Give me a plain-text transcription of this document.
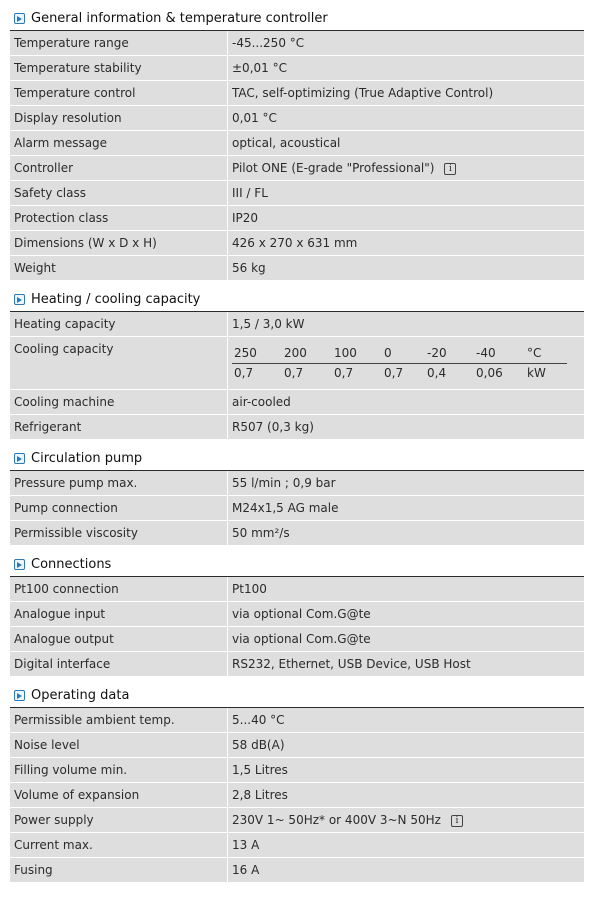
General information & temperature controller
Temperature range	-45...250 °C
Temperature stability	±0,01 °C
Temperature control	TAC, self-optimizing (True Adaptive Control)
Display resolution	0,01 °C
Alarm message	optical, acoustical
Controller	Pilot ONE (E-grade "Professional") i
Safety class	III / FL
Protection class	IP20
Dimensions (W x D x H)	426 x 270 x 631 mm
Weight	56 kg
Heating / cooling capacity
Heating capacity	1,5 / 3,0 kW
Cooling capacity	250	200	100	0	-20	-40	°C
0,7	0,7	0,7	0,7	0,4	0,06	kW
Cooling machine	air-cooled
Refrigerant	R507 (0,3 kg)
Circulation pump
Pressure pump max.	55 l/min ; 0,9 bar
Pump connection	M24x1,5 AG male
Permissible viscosity	50 mm²/s
Connections
Pt100 connection	Pt100
Analogue input	via optional Com.G@te
Analogue output	via optional Com.G@te
Digital interface	RS232, Ethernet, USB Device, USB Host
Operating data
Permissible ambient temp.	5...40 °C
Noise level	58 dB(A)
Filling volume min.	1,5 Litres
Volume of expansion	2,8 Litres
Power supply	230V 1~ 50Hz* or 400V 3~N 50Hz i
Current max.	13 A
Fusing	16 A
